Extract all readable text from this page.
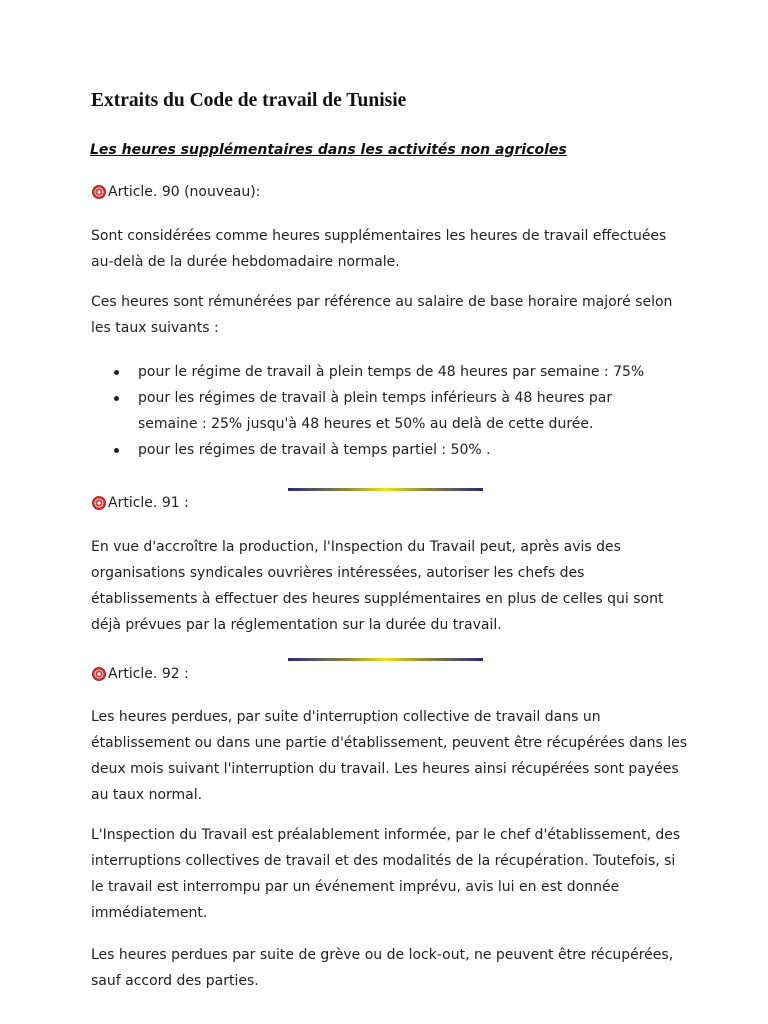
Extraits du Code de travail de Tunisie
Les heures supplémentaires dans les activités non agricoles
Article. 90 (nouveau):

Sont considérées comme heures supplémentaires les heures de travail effectuées au-delà de la durée hebdomadaire normale.

Ces heures sont rémunérées par référence au salaire de base horaire majoré selon les taux suivants :

pour le régime de travail à plein temps de 48 heures par semaine : 75%
pour les régimes de travail à plein temps inférieurs à 48 heures par semaine : 25% jusqu'à 48 heures et 50% au delà de cette durée.
pour les régimes de travail à temps partiel : 50% .
Article. 91 :

En vue d'accroître la production, l'Inspection du Travail peut, après avis des organisations syndicales ouvrières intéressées, autoriser les chefs des établissements à effectuer des heures supplémentaires en plus de celles qui sont déjà prévues par la réglementation sur la durée du travail.

Article. 92 :

Les heures perdues, par suite d'interruption collective de travail dans un établissement ou dans une partie d'établissement, peuvent être récupérées dans les deux mois suivant l'interruption du travail. Les heures ainsi récupérées sont payées au taux normal.

L'Inspection du Travail est préalablement informée, par le chef d'établissement, des interruptions collectives de travail et des modalités de la récupération. Toutefois, si le travail est interrompu par un événement imprévu, avis lui en est donnée immédiatement.

Les heures perdues par suite de grève ou de lock-out, ne peuvent être récupérées, sauf accord des parties.
